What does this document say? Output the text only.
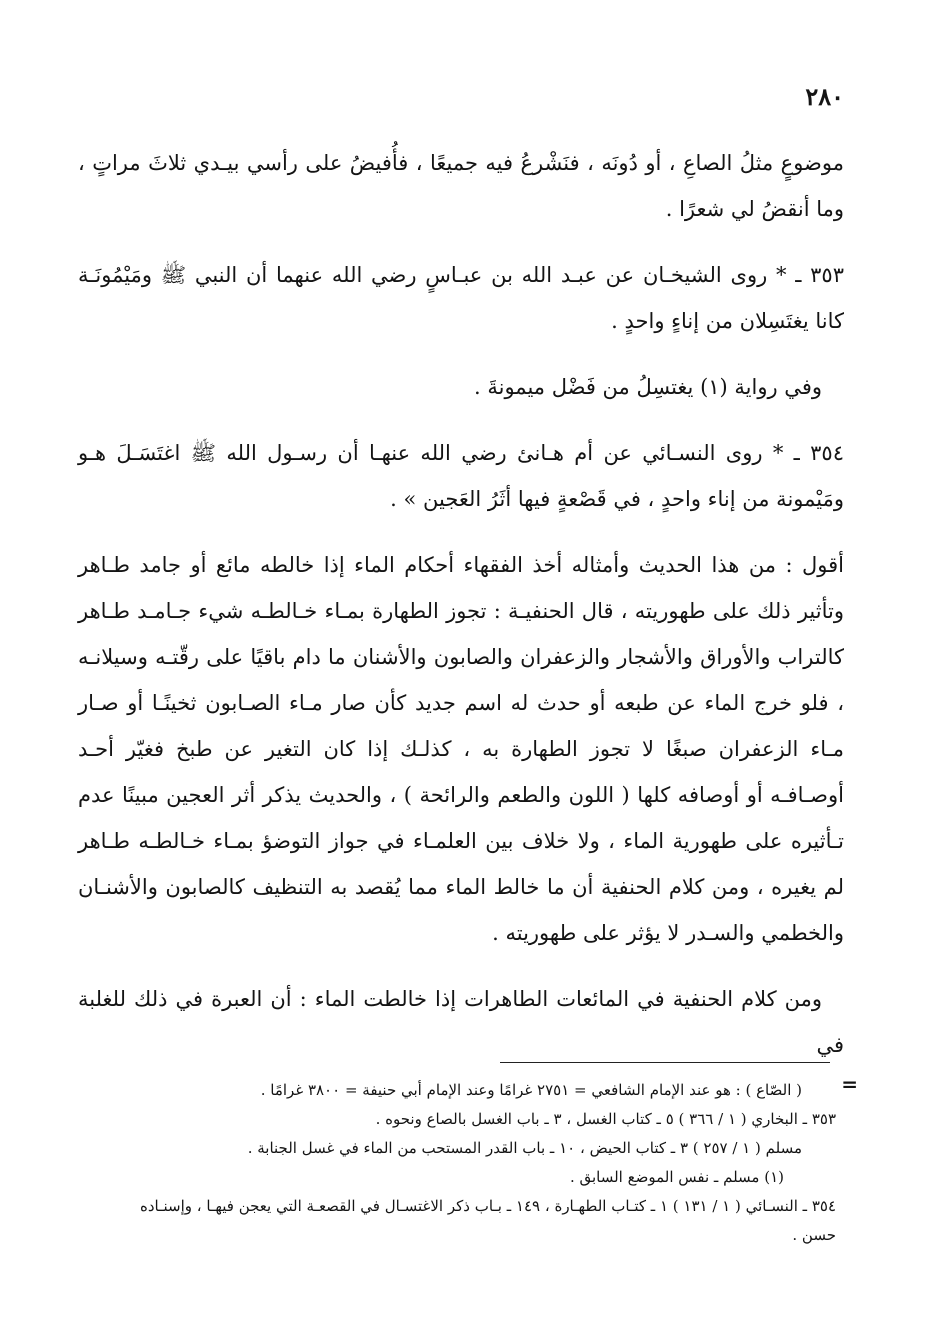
٢٨٠

موضوعٍ مثلُ الصاعِ ، أو دُونَه ، فنَشْرعُ فيه جميعًا ، فأُفيضُ على رأسي بيـدي ثلاثَ مراتٍ ، وما أنقضُ لي شعرًا .

٣٥٣ ـ * روى الشيخـان عن عبـد الله بن عبـاسٍ رضي الله عنهما أن النبي ﷺ ومَيْمُونَـة كانا يغتَسِلان من إناءٍ واحدٍ .

وفي رواية (١) يغتسِلُ من فَضْل ميمونةَ .

٣٥٤ ـ * روى النسـائي عن أم هـانئ رضي الله عنهـا أن رسـول الله ﷺ اغتَسَـلَ هـو ومَيْمونة من إناء واحدٍ ، في قَصْعةٍ فيها أثَرُ العَجين » .

أقول : من هذا الحديث وأمثاله أخذ الفقهاء أحكام الماء إذا خالطه مائع أو جامد طـاهر وتأثير ذلك على طهوريته ، قال الحنفيـة : تجوز الطهارة بمـاء خـالطـه شيء جـامـد طـاهر كالتراب والأوراق والأشجار والزعفران والصابون والأشنان ما دام باقيًا على رقّتـه وسيلانـه ، فلو خرج الماء عن طبعه أو حدث له اسم جديد كأن صار مـاء الصـابون ثخينًـا أو صـار مـاء الزعفران صبغًا لا تجوز الطهارة به ، كذلـك إذا كان التغير عن طبخ فغيّر أحـد أوصـافـه أو أوصافه كلها ( اللون والطعم والرائحة ) ، والحديث يذكر أثر العجين مبينًا عدم تـأثيره على طهورية الماء ، ولا خلاف بين العلمـاء في جواز التوضؤ بمـاء خـالطـه طـاهر لم يغيره ، ومن كلام الحنفية أن ما خالط الماء مما يُقصد به التنظيف كالصابون والأشنـان والخطمي والسـدر لا يؤثر على طهوريته .

ومن كلام الحنفية في المائعات الطاهرات إذا خالطت الماء : أن العبرة في ذلك للغلبة في

=
( الصّاع ) : هو عند الإمام الشافعي = ٢٧٥١ غرامًا وعند الإمام أبي حنيفة = ٣٨٠٠ غرامًا .
٣٥٣ ـ البخاري ( ١ / ٣٦٦ ) ٥ ـ كتاب الغسل ، ٣ ـ باب الغسل بالصاع ونحوه .
مسلم ( ١ / ٢٥٧ ) ٣ ـ كتاب الحيض ، ١٠ ـ باب القدر المستحب من الماء في غسل الجنابة .
(١) مسلم ـ نفس الموضع السابق .
٣٥٤ ـ النسـائي ( ١ / ١٣١ ) ١ ـ كتـاب الطهـارة ، ١٤٩ ـ بـاب ذكر الاغتسـال في القصعـة التي يعجن فيهـا ، وإسنـاده
حسن .
